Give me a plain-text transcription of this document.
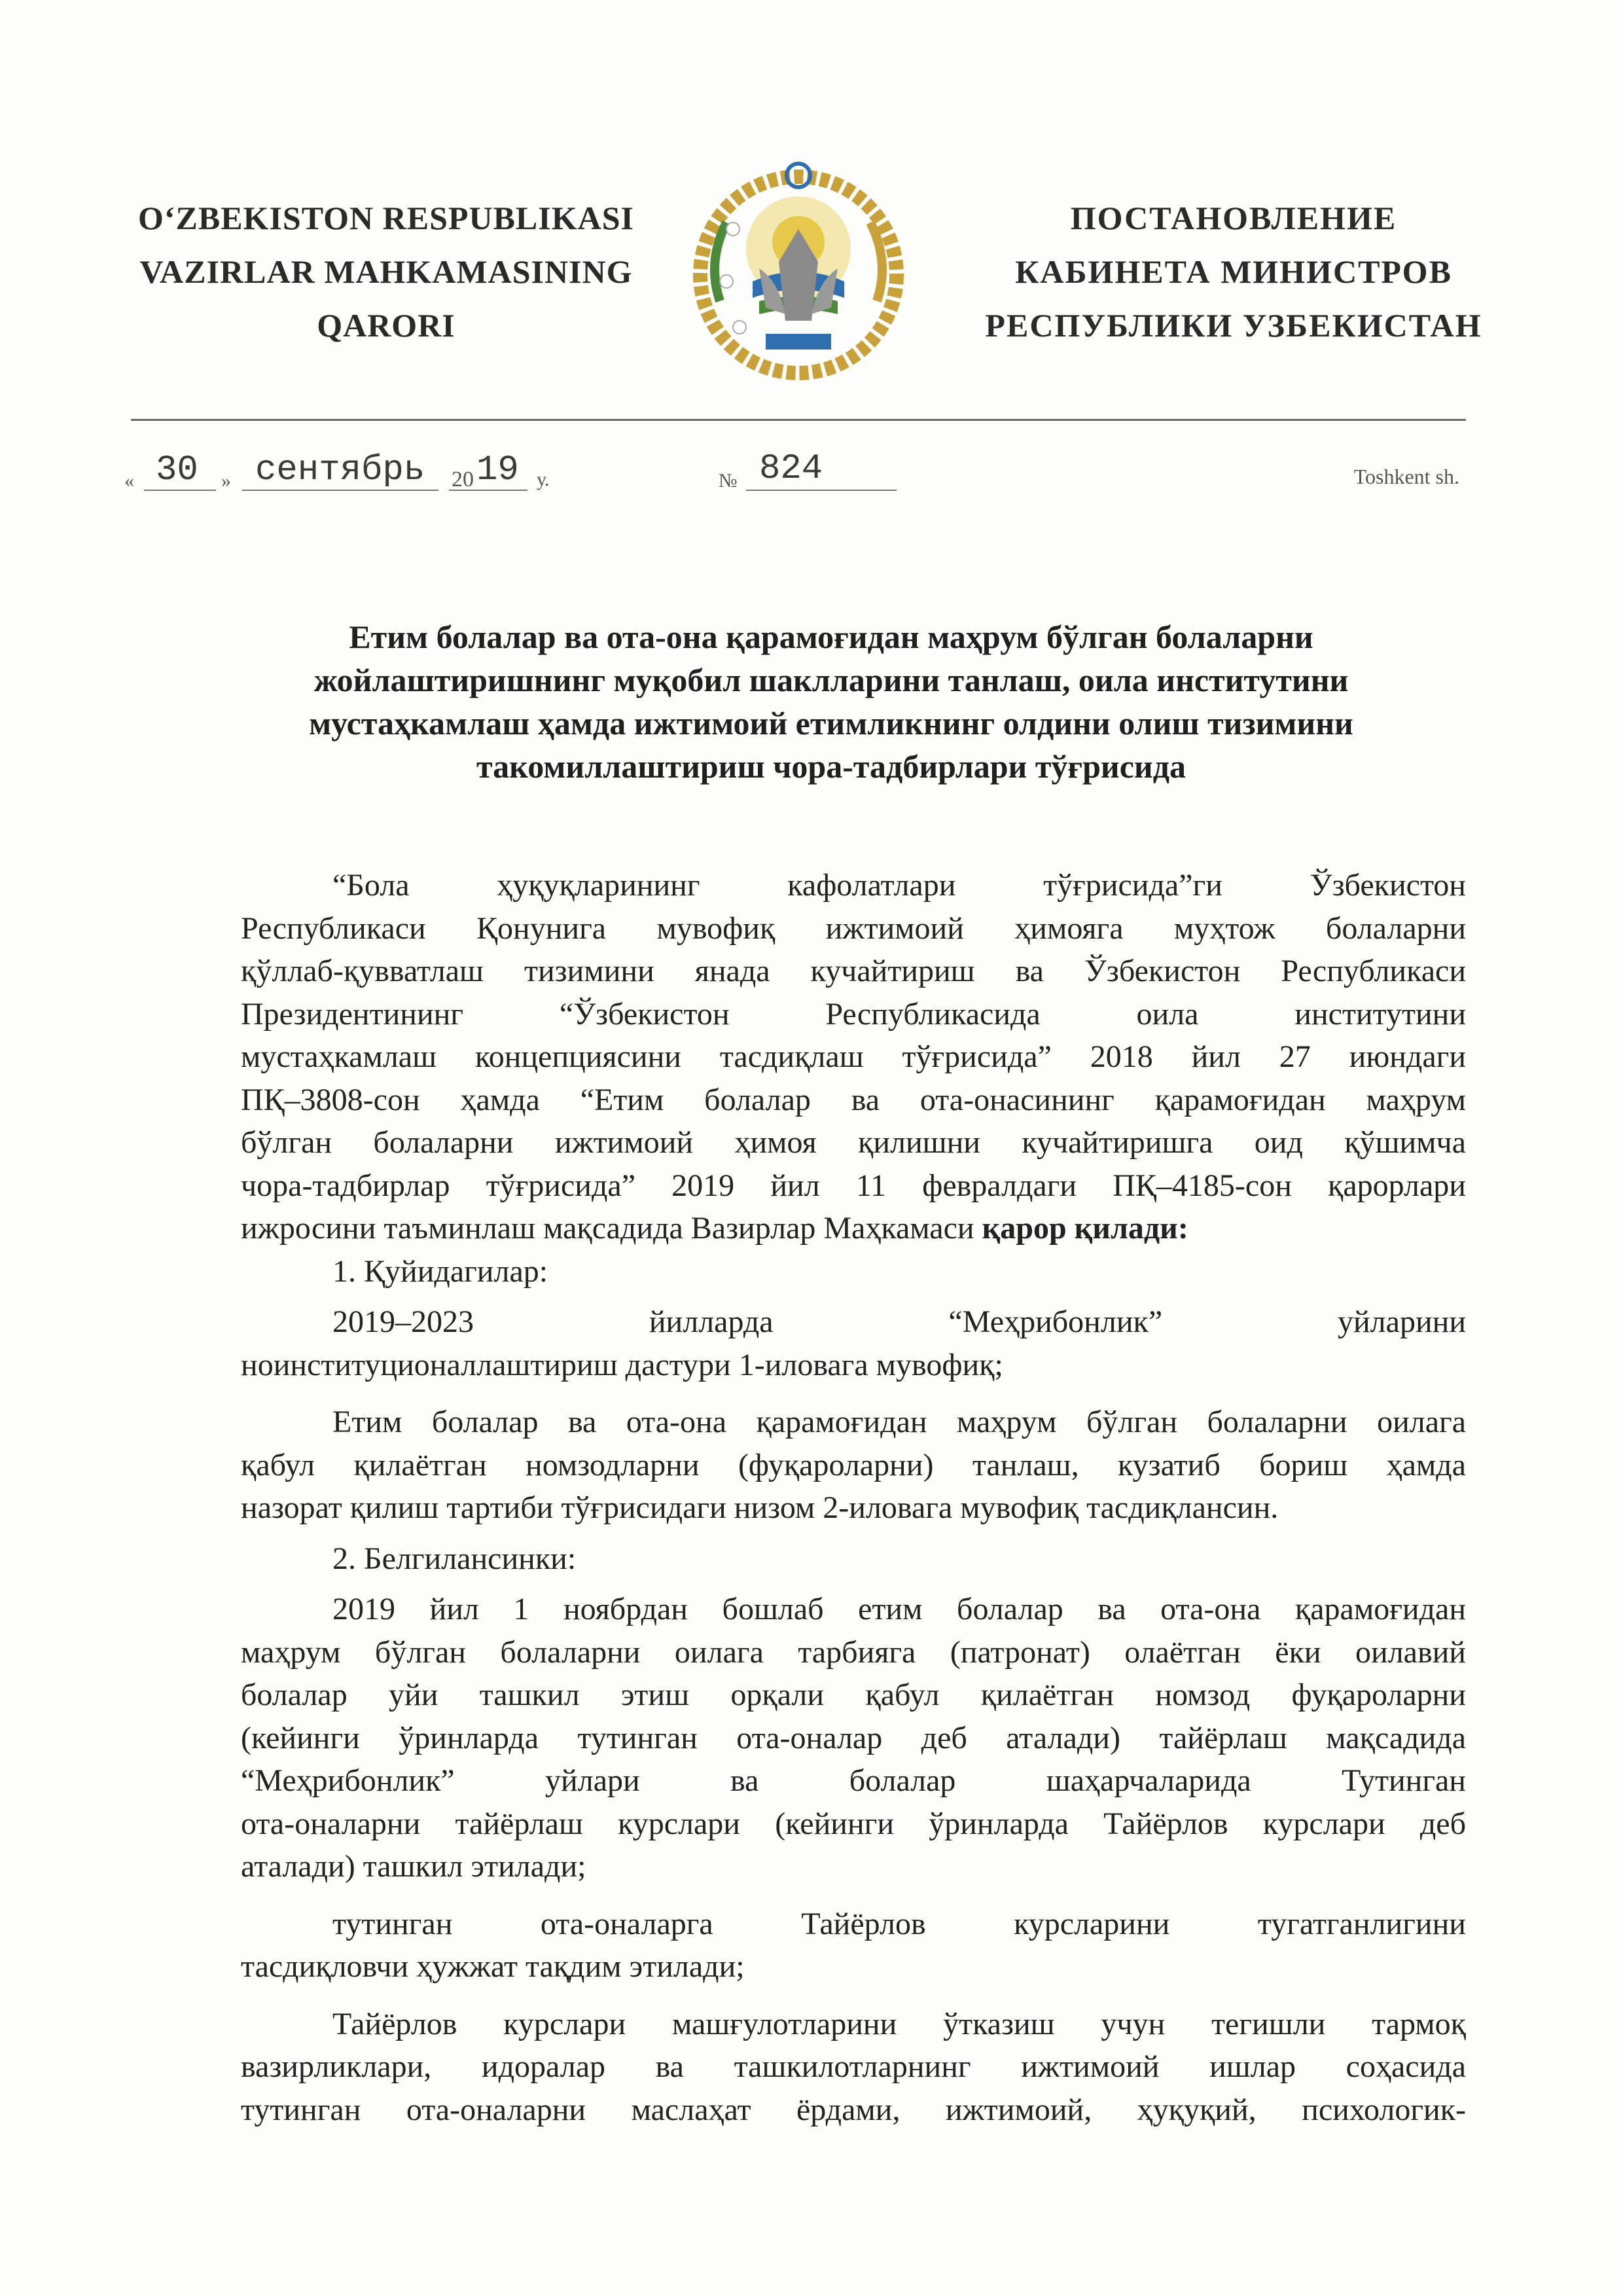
O‘ZBEKISTON RESPUBLIKASI
VAZIRLAR MAHKAMASINING
QARORI
ПОСТАНОВЛЕНИЕ
КАБИНЕТА МИНИСТРОВ
РЕСПУБЛИКИ УЗБЕКИСТАН
« 30 » сентябрь 20 19 у.	№ 824	Toshkent sh.
Етим болалар ва ота-она қарамоғидан маҳрум бўлган болаларни
жойлаштиришнинг муқобил шаклларини танлаш, оила институтини
мустаҳкамлаш ҳамда ижтимоий етимликнинг олдини олиш тизимини
такомиллаштириш чора-тадбирлари тўғрисида

“Бола ҳуқуқларининг кафолатлари тўғрисида”ги Ўзбекистон

Республикаси Қонунига мувофиқ ижтимоий ҳимояга муҳтож болаларни

қўллаб-қувватлаш тизимини янада кучайтириш ва Ўзбекистон Республикаси

Президентининг “Ўзбекистон Республикасида оила институтини

мустаҳкамлаш концепциясини тасдиқлаш тўғрисида” 2018 йил 27 июндаги

ПҚ–3808-сон ҳамда “Етим болалар ва ота-онасининг қарамоғидан маҳрум

бўлган болаларни ижтимоий ҳимоя қилишни кучайтиришга оид қўшимча

чора-тадбирлар тўғрисида” 2019 йил 11 февралдаги ПҚ–4185-сон қарорлари

ижросини таъминлаш мақсадида Вазирлар Маҳкамаси қарор қилади:

1. Қуйидагилар:

2019–2023 йилларда “Меҳрибонлик” уйларини

ноинституционаллаштириш дастури 1-иловага мувофиқ;

Етим болалар ва ота-она қарамоғидан маҳрум бўлган болаларни оилага

қабул қилаётган номзодларни (фуқароларни) танлаш, кузатиб бориш ҳамда

назорат қилиш тартиби тўғрисидаги низом 2-иловага мувофиқ тасдиқлансин.

2. Белгилансинки:

2019 йил 1 ноябрдан бошлаб етим болалар ва ота-она қарамоғидан

маҳрум бўлган болаларни оилага тарбияга (патронат) олаётган ёки оилавий

болалар уйи ташкил этиш орқали қабул қилаётган номзод фуқароларни

(кейинги ўринларда тутинган ота-оналар деб аталади) тайёрлаш мақсадида

“Меҳрибонлик” уйлари ва болалар шаҳарчаларида Тутинган

ота-оналарни тайёрлаш курслари (кейинги ўринларда Тайёрлов курслари деб

аталади) ташкил этилади;

тутинган ота-оналарга Тайёрлов курсларини тугатганлигини

тасдиқловчи ҳужжат тақдим этилади;

Тайёрлов курслари машғулотларини ўтказиш учун тегишли тармоқ

вазирликлари, идоралар ва ташкилотларнинг ижтимоий ишлар соҳасида

тутинган ота-оналарни маслаҳат ёрдами, ижтимоий, ҳуқуқий, психологик-
